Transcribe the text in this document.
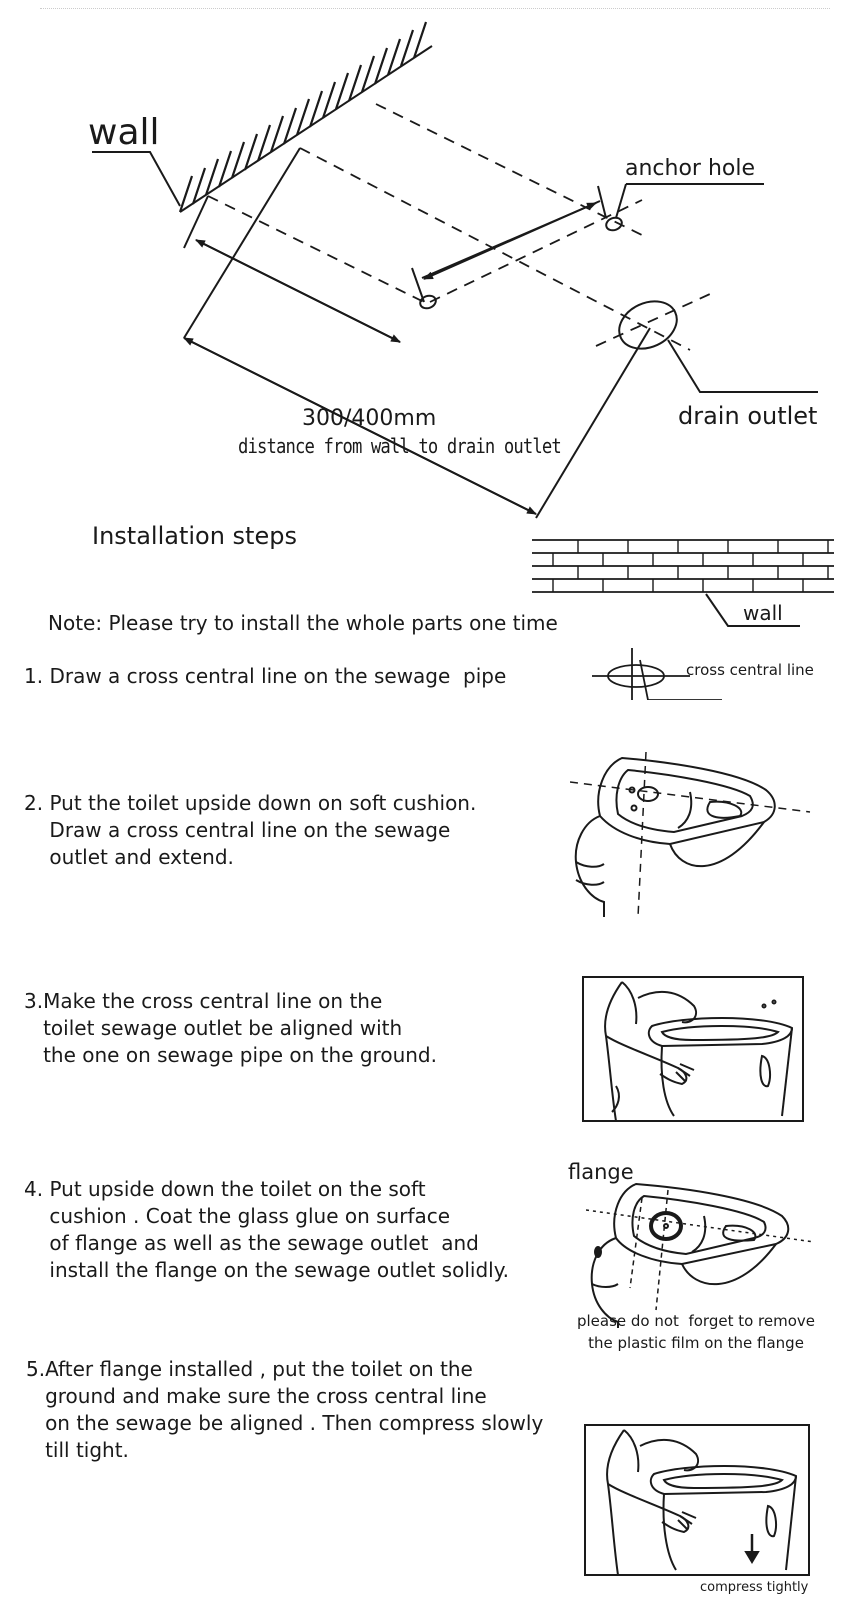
wall
anchor hole
drain outlet
300/400mm
distance from wall to drain outlet
Installation steps
wall
Note: Please try to install the whole parts one time
1. Draw a cross central line on the sewage  pipe	cross central line
2. Put the toilet upside down on soft cushion.
Draw a cross central line on the sewage
outlet and extend.
3.Make the cross central line on the
toilet sewage outlet be aligned with
the one on sewage pipe on the ground.
flange
4. Put upside down the toilet on the soft
cushion . Coat the glass glue on surface
of flange as well as the sewage outlet  and
install the flange on the sewage outlet solidly.
please do not  forget to remove
the plastic film on the flange
5.After flange installed , put the toilet on the
ground and make sure the cross central line
on the sewage be aligned . Then compress slowly
till tight.
compress tightly
